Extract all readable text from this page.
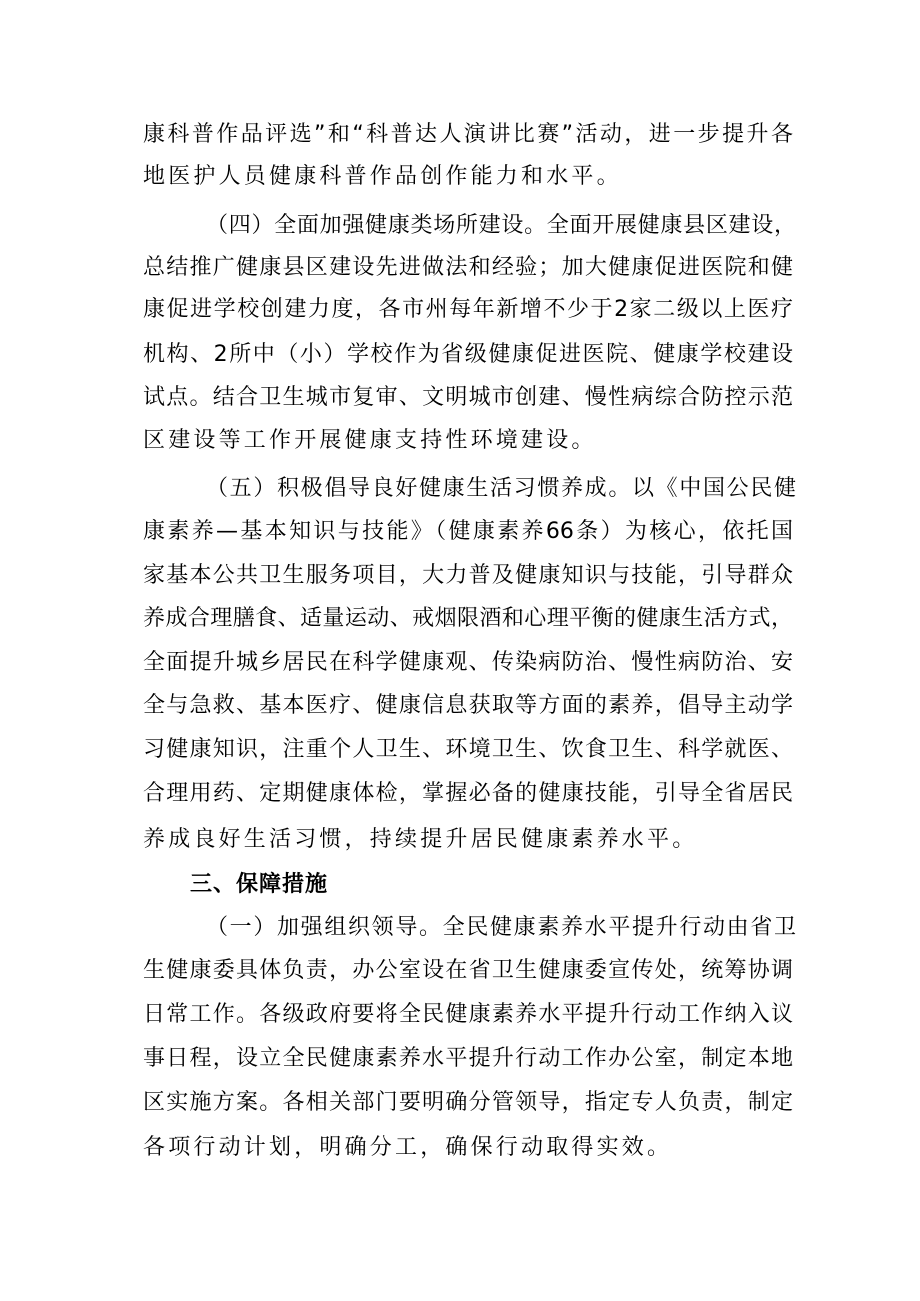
康科普作品评选”和“科普达人演讲比赛”活动，进一步提升各
地医护人员健康科普作品创作能力和水平。
（四）全面加强健康类场所建设。全面开展健康县区建设，
总结推广健康县区建设先进做法和经验；加大健康促进医院和健
康促进学校创建力度，各市州每年新增不少于2家二级以上医疗
机构、2所中（小）学校作为省级健康促进医院、健康学校建设
试点。结合卫生城市复审、文明城市创建、慢性病综合防控示范
区建设等工作开展健康支持性环境建设。
（五）积极倡导良好健康生活习惯养成。以《中国公民健
康素养—基本知识与技能》（健康素养66条）为核心，依托国
家基本公共卫生服务项目，大力普及健康知识与技能，引导群众
养成合理膳食、适量运动、戒烟限酒和心理平衡的健康生活方式，
全面提升城乡居民在科学健康观、传染病防治、慢性病防治、安
全与急救、基本医疗、健康信息获取等方面的素养，倡导主动学
习健康知识，注重个人卫生、环境卫生、饮食卫生、科学就医、
合理用药、定期健康体检，掌握必备的健康技能，引导全省居民
养成良好生活习惯，持续提升居民健康素养水平。
三、保障措施
（一）加强组织领导。全民健康素养水平提升行动由省卫
生健康委具体负责，办公室设在省卫生健康委宣传处，统筹协调
日常工作。各级政府要将全民健康素养水平提升行动工作纳入议
事日程，设立全民健康素养水平提升行动工作办公室，制定本地
区实施方案。各相关部门要明确分管领导，指定专人负责，制定
各项行动计划，明确分工，确保行动取得实效。
